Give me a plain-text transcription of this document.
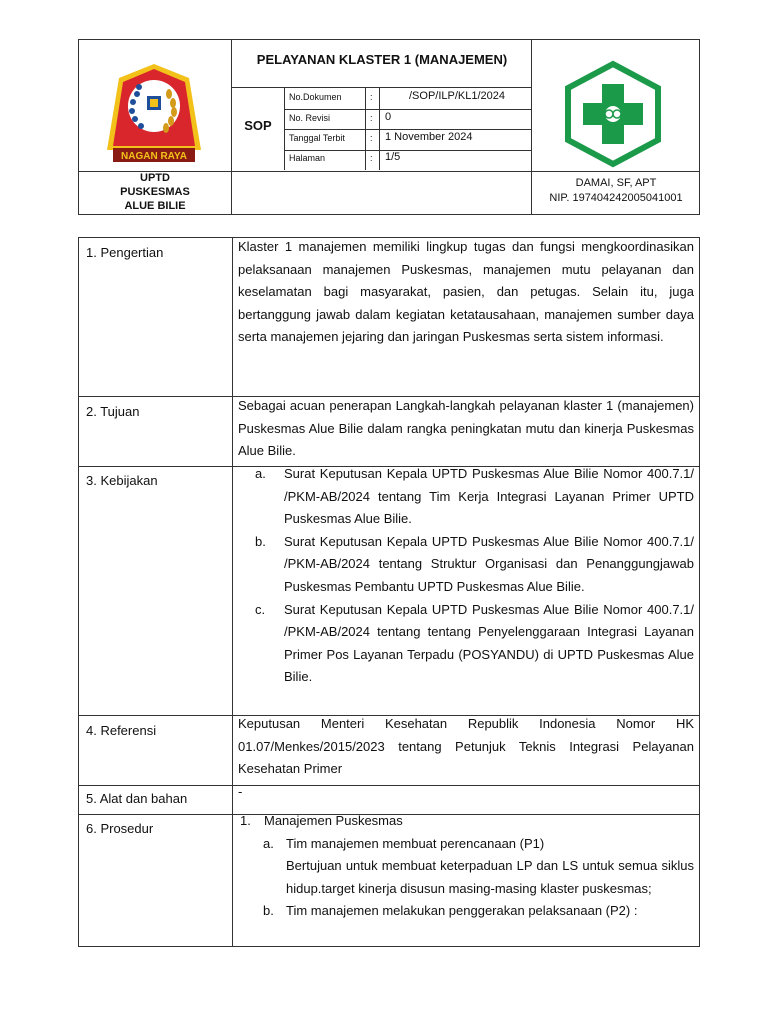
NAGAN RAYA
PELAYANAN KLASTER 1 (MANAJEMEN)
SOP
No.Dokumen	:	/SOP/ILP/KL1/2024
No. Revisi	: 0
Tanggal Terbit	: 1 November 2024
Halaman	: 1/5
UPTD
PUSKESMAS
ALUE BILIE
DAMAI, SF, APT
NIP. 197404242005041001
1. Pengertian	Klaster 1 manajemen memiliki lingkup tugas dan fungsi mengkoordinasikan pelaksanaan manajemen Puskesmas, manajemen mutu pelayanan dan keselamatan bagi masyarakat, pasien, dan petugas. Selain itu, juga bertanggung jawab dalam kegiatan ketatausahaan, manajemen sumber daya serta manajemen jejaring dan jaringan Puskesmas serta sistem informasi.
2. Tujuan	Sebagai acuan penerapan Langkah-langkah pelayanan klaster 1 (manajemen) Puskesmas Alue Bilie dalam rangka peningkatan mutu dan kinerja Puskesmas Alue Bilie.
3. Kebijakan	a. Surat Keputusan Kepala UPTD Puskesmas Alue Bilie Nomor 400.7.1/ /PKM-AB/2024 tentang Tim Kerja Integrasi Layanan Primer UPTD Puskesmas Alue Bilie.
b. Surat Keputusan Kepala UPTD Puskesmas Alue Bilie Nomor 400.7.1/ /PKM-AB/2024 tentang Struktur Organisasi dan Penanggungjawab Puskesmas Pembantu UPTD Puskesmas Alue Bilie.
c. Surat Keputusan Kepala UPTD Puskesmas Alue Bilie Nomor 400.7.1/ /PKM-AB/2024 tentang tentang Penyelenggaraan Integrasi Layanan Primer Pos Layanan Terpadu (POSYANDU) di UPTD Puskesmas Alue Bilie.
4. Referensi	Keputusan Menteri Kesehatan Republik Indonesia Nomor HK 01.07/Menkes/2015/2023 tentang Petunjuk Teknis Integrasi Pelayanan Kesehatan Primer
5. Alat dan bahan	-
6. Prosedur
1. Manajemen Puskesmas
a. Tim manajemen membuat perencanaan (P1)
Bertujuan untuk membuat keterpaduan LP dan LS untuk semua siklus hidup.target kinerja disusun masing-masing klaster puskesmas;
b. Tim manajemen melakukan penggerakan pelaksanaan (P2) :
